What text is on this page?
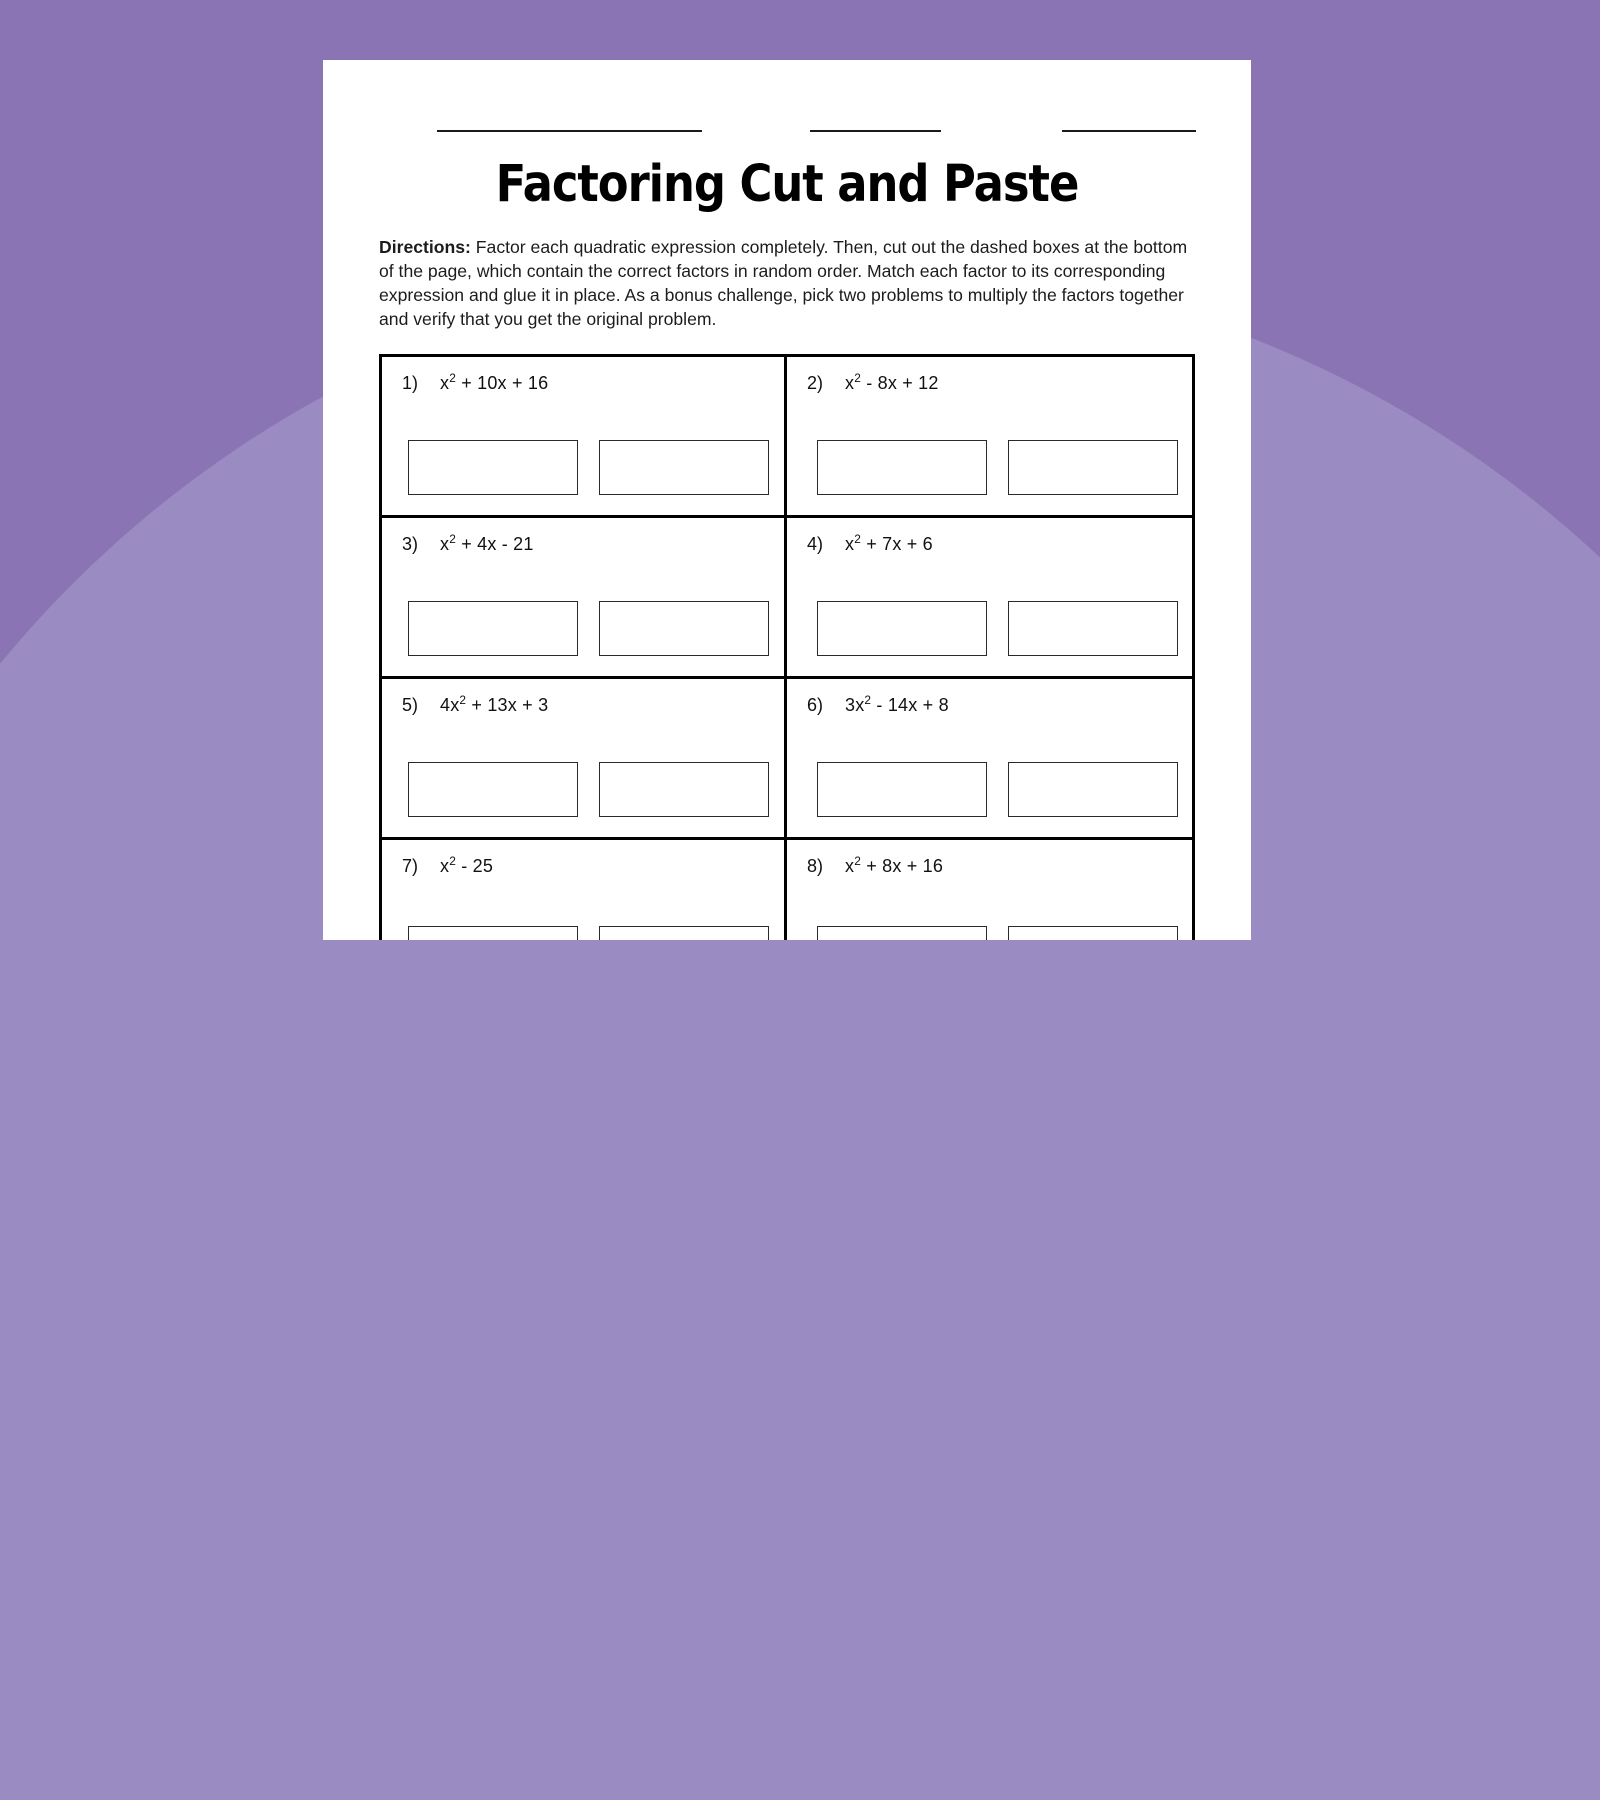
Factoring Cut and Paste
Directions: Factor each quadratic expression completely. Then, cut out the dashed boxes at the bottom of the page, which contain the correct factors in random order. Match each factor to its corresponding expression and glue it in place. As a bonus challenge, pick two problems to multiply the factors together and verify that you get the original problem.
1)	$x^2 + 10x + 16$	2)	$x^2 - 8x + 12$
3)	$x^2 + 4x - 21$	4)	$x^2 + 7x + 6$
5)	$4x^2 + 13x + 3$	6)	$3x^2 - 14x + 8$
7)	$x^2 - 25$	8)	$x^2 + 8x + 16$
